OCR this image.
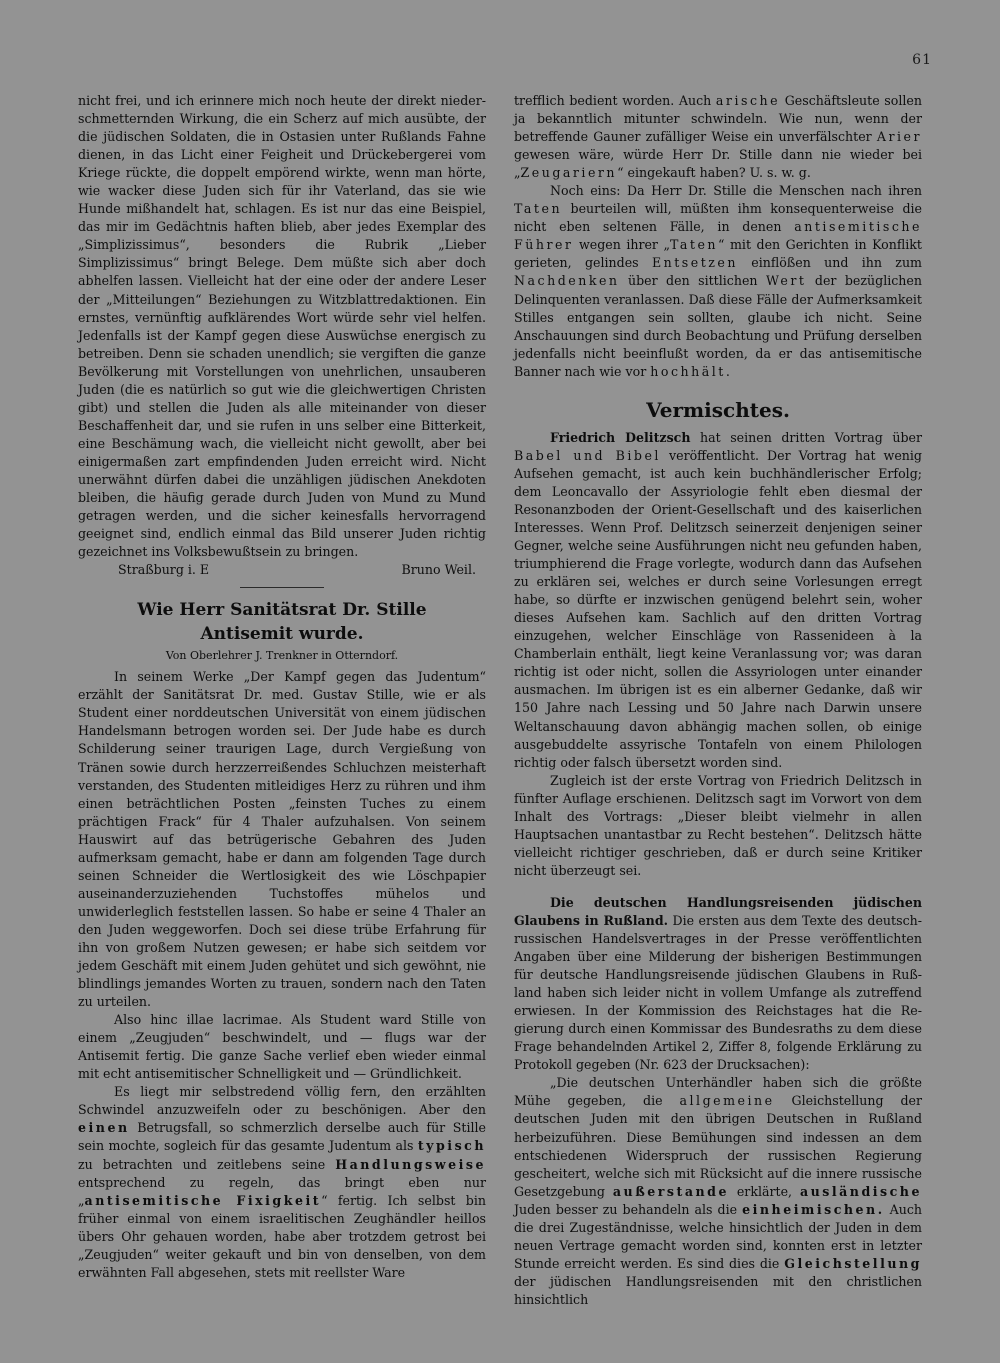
61

nicht frei, und ich erinnere mich noch heute der direkt niederschmetternden Wirkung, die ein Scherz auf mich ausübte, der die jüdischen Soldaten, die in Ostasien unter Rußlands Fahne dienen, in das Licht einer Feigheit und Drückebergerei vom Kriege rückte, die doppelt empörend wirkte, wenn man hörte, wie wacker diese Juden sich für ihr Vaterland, das sie wie Hunde mißhandelt hat, schlagen. Es ist nur das eine Beispiel, das mir im Gedächtnis haften blieb, aber jedes Exemplar des „Simplizissimus“, besonders die Rubrik „Lieber Simplizissimus“ bringt Belege. Dem müßte sich aber doch abhelfen lassen. Vielleicht hat der eine oder der andere Leser der „Mitteilungen“ Beziehungen zu Witzblattredaktionen. Ein ernstes, vernünftig aufklärendes Wort würde sehr viel helfen. Jedenfalls ist der Kampf gegen diese Auswüchse energisch zu betreiben. Denn sie schaden unendlich; sie vergiften die ganze Bevölkerung mit Vorstellungen von unehrlichen, unsauberen Juden (die es natürlich so gut wie die gleichwertigen Christen gibt) und stellen die Juden als alle miteinander von dieser Beschaffenheit dar, und sie rufen in uns selber eine Bitterkeit, eine Beschämung wach, die vielleicht nicht gewollt, aber bei einigermaßen zart empfindenden Juden erreicht wird. Nicht unerwähnt dürfen dabei die unzähligen jüdischen Anekdoten bleiben, die häufig gerade durch Juden von Mund zu Mund getragen werden, und die sicher keinesfalls hervorragend geeignet sind, endlich einmal das Bild unserer Juden richtig gezeichnet ins Volksbewußtsein zu bringen.

Straßburg i. E	Bruno Weil.
Wie Herr Sanitätsrat Dr. Stille
Antisemit wurde.
Von Oberlehrer J. Trenkner in Otterndorf.

In seinem Werke „Der Kampf gegen das Judentum“ erzählt der Sanitätsrat Dr. med. Gustav Stille, wie er als Student einer norddeutschen Universität von einem jüdischen Handelsmann betrogen worden sei. Der Jude habe es durch Schilderung seiner traurigen Lage, durch Vergießung von Tränen sowie durch herzzerreißendes Schluchzen meisterhaft verstanden, des Studenten mitleidiges Herz zu rühren und ihm einen beträchtlichen Posten „feinsten Tuches zu einem prächtigen Frack“ für 4 Thaler aufzuhalsen. Von seinem Hauswirt auf das betrügerische Gebahren des Juden aufmerksam gemacht, habe er dann am folgenden Tage durch seinen Schneider die Wertlosigkeit des wie Löschpapier auseinanderzuziehenden Tuchstoffes mühelos und unwiderleglich feststellen lassen. So habe er seine 4 Thaler an den Juden weggeworfen. Doch sei diese trübe Erfahrung für ihn von großem Nutzen gewesen; er habe sich seitdem vor jedem Geschäft mit einem Juden gehütet und sich gewöhnt, nie blindlings jemandes Worten zu trauen, sondern nach den Taten zu urteilen.

Also hinc illae lacrimae. Als Student ward Stille von einem „Zeugjuden“ beschwindelt, und — flugs war der Antisemit fertig. Die ganze Sache verlief eben wieder einmal mit echt antisemitischer Schnelligkeit und — Gründlichkeit.

Es liegt mir selbstredend völlig fern, den erzählten Schwindel anzuzweifeln oder zu beschönigen. Aber den einen Betrugsfall, so schmerzlich derselbe auch für Stille sein mochte, sogleich für das gesamte Judentum als typisch zu betrachten und zeitlebens seine Handlungsweise entsprechend zu regeln, das bringt eben nur „antisemitische Fixigkeit“ fertig. Ich selbst bin früher einmal von einem israelitischen Zeughändler heillos übers Ohr gehauen worden, habe aber trotzdem getrost bei „Zeugjuden“ weiter gekauft und bin von denselben, von dem erwähnten Fall abgesehen, stets mit reellster Ware

trefflich bedient worden. Auch arische Geschäftsleute sollen ja bekanntlich mitunter schwindeln. Wie nun, wenn der betreffende Gauner zufälliger Weise ein unverfälschter Arier gewesen wäre, würde Herr Dr. Stille dann nie wieder bei „Zeugariern“ eingekauft haben? U. s. w. g.

Noch eins: Da Herr Dr. Stille die Menschen nach ihren Taten beurteilen will, müßten ihm konsequenterweise die nicht eben seltenen Fälle, in denen antisemitische Führer wegen ihrer „Taten“ mit den Gerichten in Konflikt gerieten, gelindes Entsetzen einflößen und ihn zum Nachdenken über den sittlichen Wert der bezüglichen Delinquenten veranlassen. Daß diese Fälle der Aufmerksamkeit Stilles entgangen sein sollten, glaube ich nicht. Seine Anschauungen sind durch Beobachtung und Prüfung derselben jedenfalls nicht beeinflußt worden, da er das antisemitische Banner nach wie vor hochhält.

Vermischtes.

Friedrich Delitzsch hat seinen dritten Vortrag über Babel und Bibel veröffentlicht. Der Vortrag hat wenig Aufsehen gemacht, ist auch kein buchhändlerischer Erfolg; dem Leoncavallo der Assyriologie fehlt eben diesmal der Resonanzboden der Orient-Gesellschaft und des kaiserlichen Interesses. Wenn Prof. Delitzsch seinerzeit denjenigen seiner Gegner, welche seine Ausführungen nicht neu gefunden haben, triumphierend die Frage vorlegte, wodurch dann das Aufsehen zu erklären sei, welches er durch seine Vorlesungen erregt habe, so dürfte er inzwischen genügend belehrt sein, woher dieses Aufsehen kam. Sachlich auf den dritten Vortrag einzugehen, welcher Einschläge von Rassenideen à la Chamberlain enthält, liegt keine Veranlassung vor; was daran richtig ist oder nicht, sollen die Assyriologen unter einander ausmachen. Im übrigen ist es ein alberner Gedanke, daß wir 150 Jahre nach Lessing und 50 Jahre nach Darwin unsere Weltanschauung davon abhängig machen sollen, ob einige ausgebuddelte assyrische Tontafeln von einem Philologen richtig oder falsch übersetzt worden sind.

Zugleich ist der erste Vortrag von Friedrich Delitzsch in fünfter Auflage erschienen. Delitzsch sagt im Vorwort von dem Inhalt des Vortrags: „Dieser bleibt vielmehr in allen Hauptsachen unantastbar zu Recht bestehen“. Delitzsch hätte vielleicht richtiger geschrieben, daß er durch seine Kritiker nicht überzeugt sei.

Die deutschen Handlungsreisenden jüdischen Glaubens in Rußland. Die ersten aus dem Texte des deutsch-russischen Handelsvertrages in der Presse veröffentlichten Angaben über eine Milderung der bisherigen Bestimmungen für deutsche Handlungsreisende jüdischen Glaubens in Rußland haben sich leider nicht in vollem Umfange als zutreffend erwiesen. In der Kommission des Reichstages hat die Regierung durch einen Kommissar des Bundesraths zu dem diese Frage behandelnden Artikel 2, Ziffer 8, folgende Erklärung zu Protokoll gegeben (Nr. 623 der Drucksachen):

„Die deutschen Unterhändler haben sich die größte Mühe gegeben, die allgemeine Gleichstellung der deutschen Juden mit den übrigen Deutschen in Rußland herbeizuführen. Diese Bemühungen sind indessen an dem entschiedenen Widerspruch der russischen Regierung gescheitert, welche sich mit Rücksicht auf die innere russische Gesetzgebung außerstande erklärte, ausländische Juden besser zu behandeln als die einheimischen. Auch die drei Zugeständnisse, welche hinsichtlich der Juden in dem neuen Vertrage gemacht worden sind, konnten erst in letzter Stunde erreicht werden. Es sind dies die Gleichstellung der jüdischen Handlungsreisenden mit den christlichen hinsichtlich
